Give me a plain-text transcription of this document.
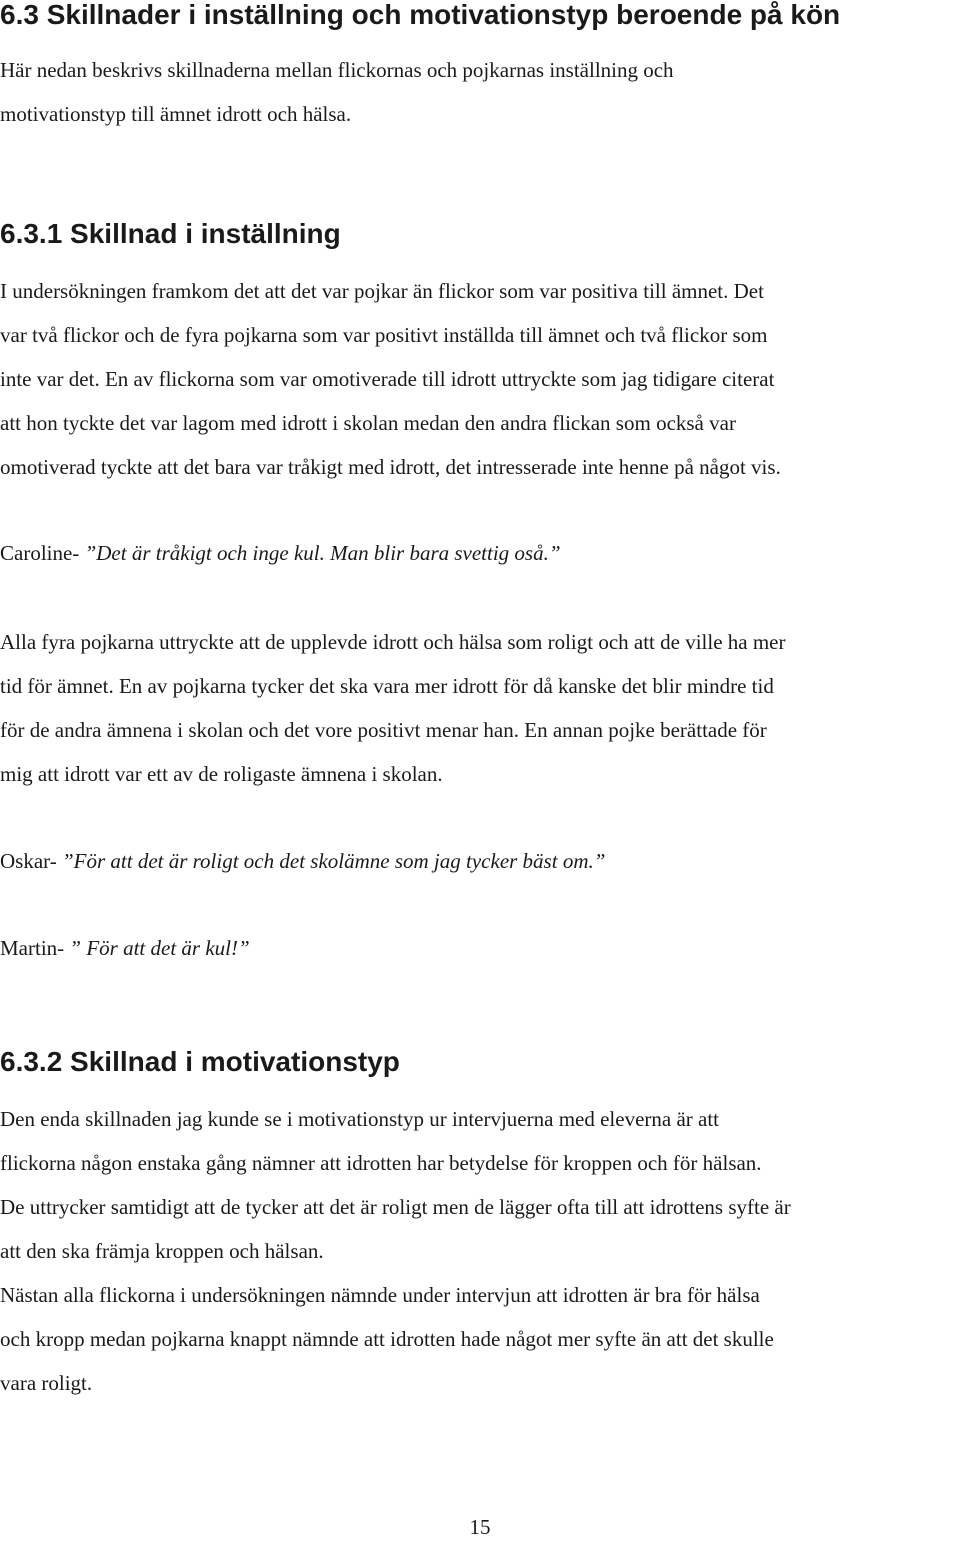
6.3 Skillnader i inställning och motivationstyp beroende på kön

Här nedan beskrivs skillnaderna mellan flickornas och pojkarnas inställning och
motivationstyp till ämnet idrott och hälsa.

6.3.1 Skillnad i inställning

I undersökningen framkom det att det var pojkar än flickor som var positiva till ämnet. Det
var två flickor och de fyra pojkarna som var positivt inställda till ämnet och två flickor som
inte var det. En av flickorna som var omotiverade till idrott uttryckte som jag tidigare citerat
att hon tyckte det var lagom med idrott i skolan medan den andra flickan som också var
omotiverad tyckte att det bara var tråkigt med idrott, det intresserade inte henne på något vis.

Caroline- ”Det är tråkigt och inge kul. Man blir bara svettig oså.”

Alla fyra pojkarna uttryckte att de upplevde idrott och hälsa som roligt och att de ville ha mer
tid för ämnet. En av pojkarna tycker det ska vara mer idrott för då kanske det blir mindre tid
för de andra ämnena i skolan och det vore positivt menar han. En annan pojke berättade för
mig att idrott var ett av de roligaste ämnena i skolan.

Oskar- ”För att det är roligt och det skolämne som jag tycker bäst om.”

Martin- ” För att det är kul!”

6.3.2 Skillnad i motivationstyp

Den enda skillnaden jag kunde se i motivationstyp ur intervjuerna med eleverna är att
flickorna någon enstaka gång nämner att idrotten har betydelse för kroppen och för hälsan.
De uttrycker samtidigt att de tycker att det är roligt men de lägger ofta till att idrottens syfte är
att den ska främja kroppen och hälsan.

Nästan alla flickorna i undersökningen nämnde under intervjun att idrotten är bra för hälsa
och kropp medan pojkarna knappt nämnde att idrotten hade något mer syfte än att det skulle
vara roligt.

15
